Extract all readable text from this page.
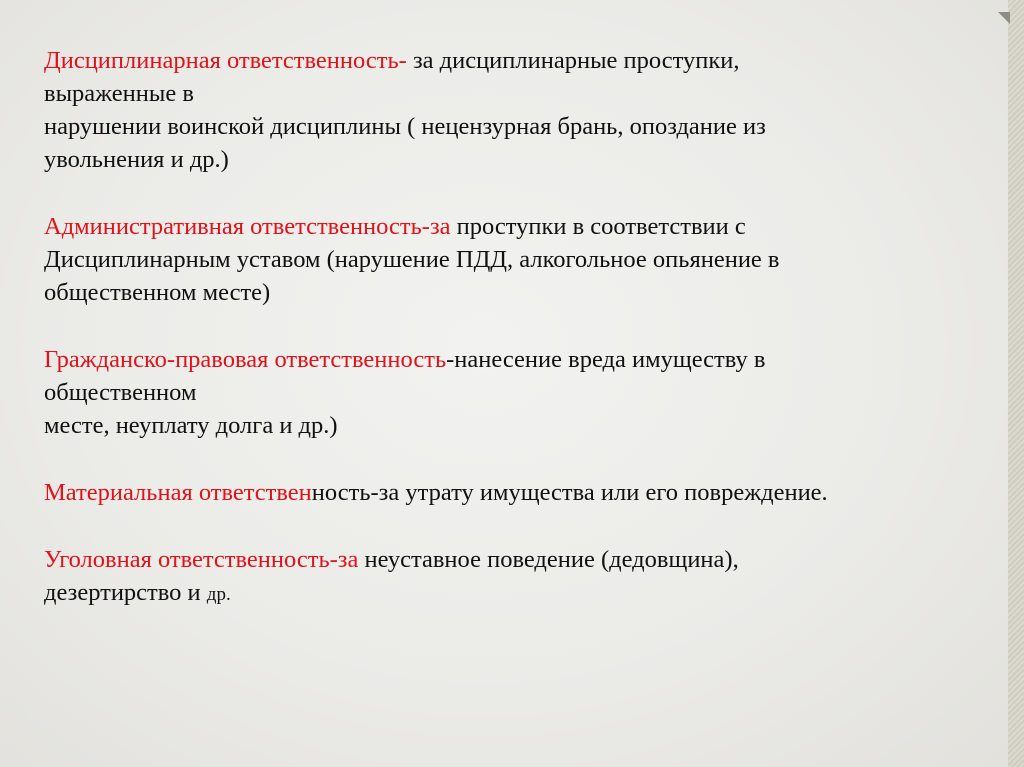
Дисциплинарная ответственность- за дисциплинарные проступки,
выраженные в
нарушении воинской дисциплины ( нецензурная брань, опоздание из
увольнения и др.)

Административная ответственность-за проступки в соответствии с
Дисциплинарным уставом (нарушение ПДД, алкогольное опьянение в
общественном месте)

Гражданско-правовая ответственность-нанесение вреда имуществу в
общественном
месте, неуплату долга и др.)

Материальная ответственность-за утрату имущества или его повреждение.

Уголовная ответственность-за неуставное поведение (дедовщина),
дезертирство и др.
